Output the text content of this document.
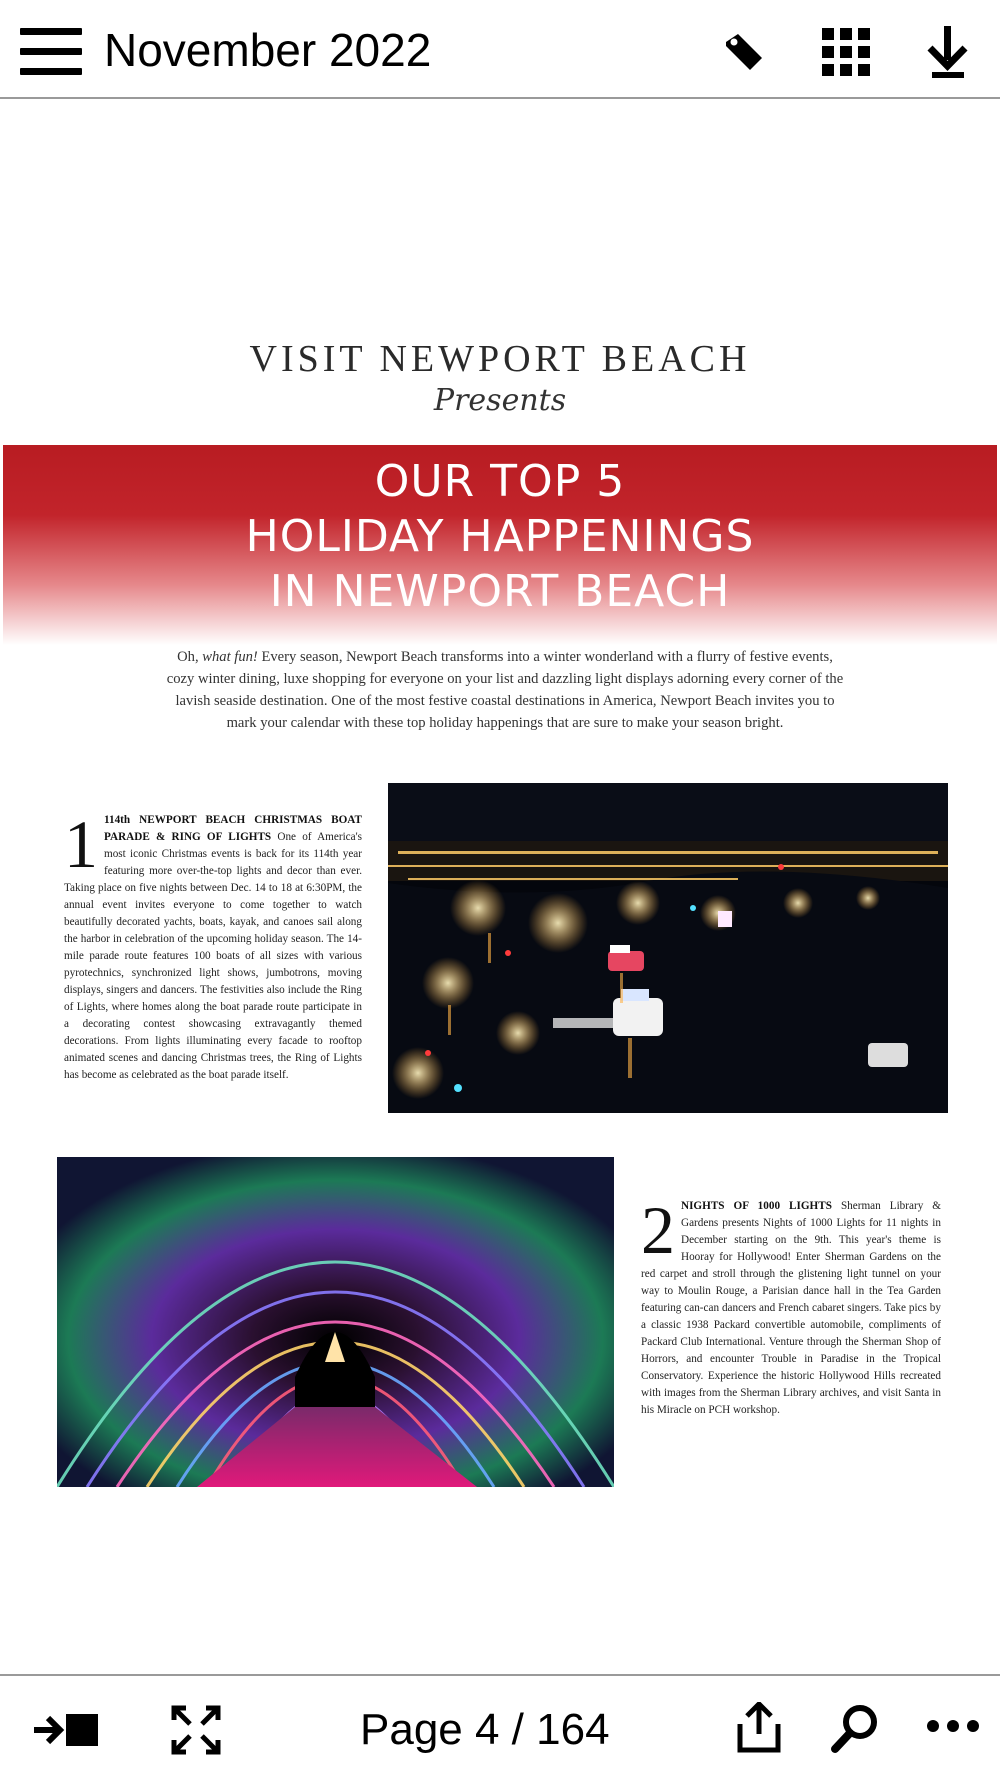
November 2022
VISIT NEWPORT BEACH
Presents
OUR TOP 5
HOLIDAY HAPPENINGS
IN NEWPORT BEACH
Oh, what fun! Every season, Newport Beach transforms into a winter wonderland with a flurry of festive events, cozy winter dining, luxe shopping for everyone on your list and dazzling light displays adorning every corner of the lavish seaside destination. One of the most festive coastal destinations in America, Newport Beach invites you to mark your calendar with these top holiday happenings that are sure to make your season bright.
1 114th NEWPORT BEACH CHRISTMAS BOAT PARADE & RING OF LIGHTS One of America's most iconic Christmas events is back for its 114th year featuring more over-the-top lights and decor than ever. Taking place on five nights between Dec. 14 to 18 at 6:30PM, the annual event invites everyone to come together to watch beautifully decorated yachts, boats, kayak, and canoes sail along the harbor in celebration of the upcoming holiday season. The 14-mile parade route features 100 boats of all sizes with various pyrotechnics, synchronized light shows, jumbotrons, moving displays, singers and dancers. The festivities also include the Ring of Lights, where homes along the boat parade route participate in a decorating contest showcasing extravagantly themed decorations. From lights illuminating every facade to rooftop animated scenes and dancing Christmas trees, the Ring of Lights has become as celebrated as the boat parade itself.
2 NIGHTS OF 1000 LIGHTS Sherman Library & Gardens presents Nights of 1000 Lights for 11 nights in December starting on the 9th. This year's theme is Hooray for Hollywood! Enter Sherman Gardens on the red carpet and stroll through the glistening light tunnel on your way to Moulin Rouge, a Parisian dance hall in the Tea Garden featuring can-can dancers and French cabaret singers. Take pics by a classic 1938 Packard convertible automobile, compliments of Packard Club International. Venture through the Sherman Shop of Horrors, and encounter Trouble in Paradise in the Tropical Conservatory. Experience the historic Hollywood Hills recreated with images from the Sherman Library archives, and visit Santa in his Miracle on PCH workshop.
Page 4 / 164
